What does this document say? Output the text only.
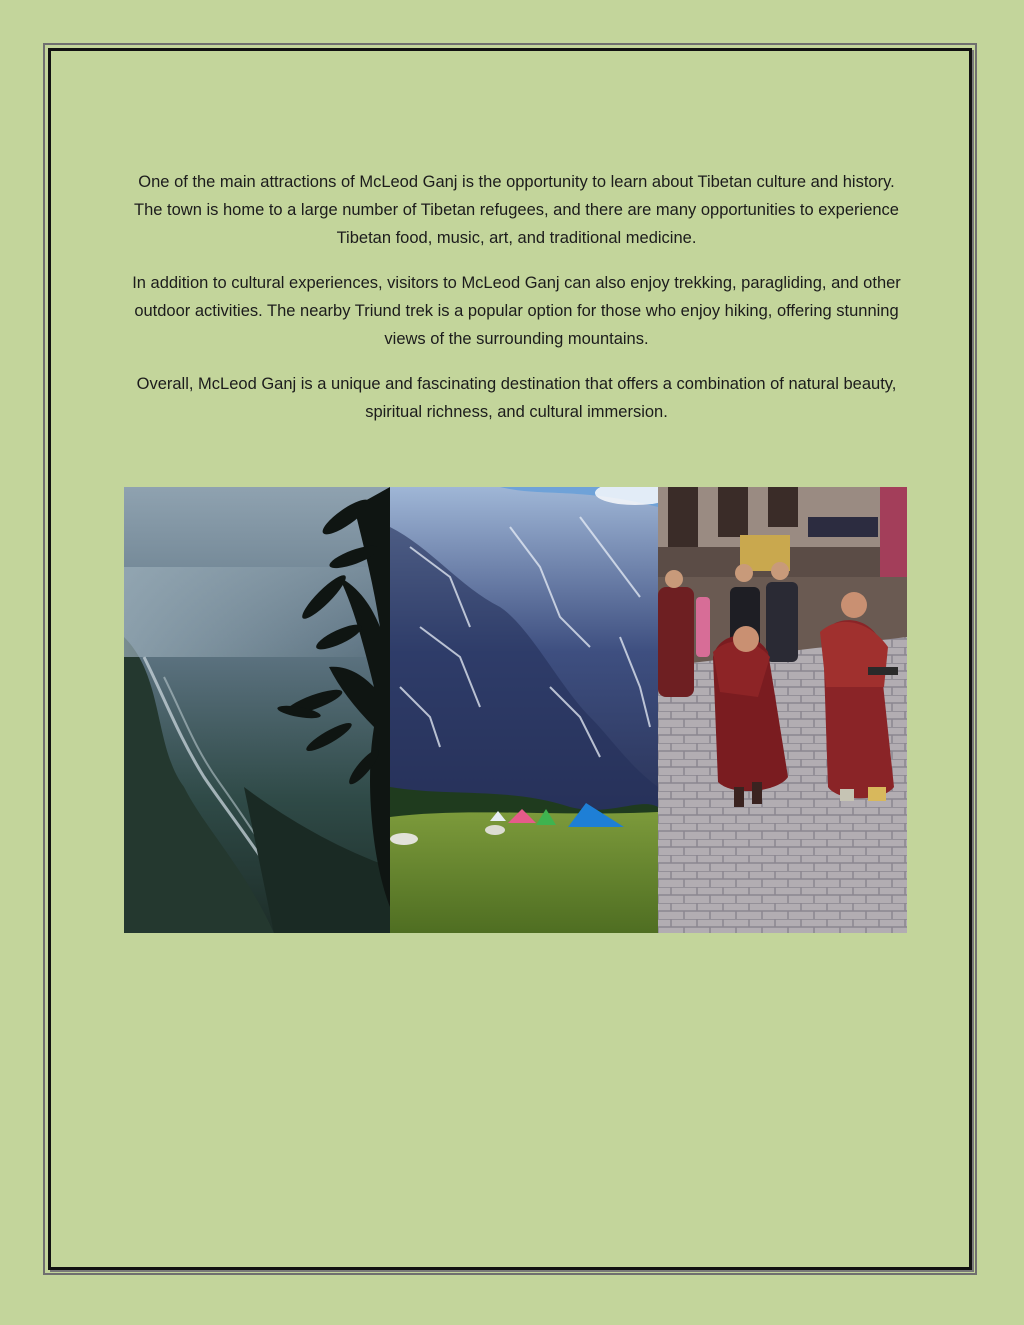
One of the main attractions of McLeod Ganj is the opportunity to learn about Tibetan culture and history. The town is home to a large number of Tibetan refugees, and there are many opportunities to experience Tibetan food, music, art, and traditional medicine.

In addition to cultural experiences, visitors to McLeod Ganj can also enjoy trekking, paragliding, and other outdoor activities. The nearby Triund trek is a popular option for those who enjoy hiking, offering stunning views of the surrounding mountains.

Overall, McLeod Ganj is a unique and fascinating destination that offers a combination of natural beauty, spiritual richness, and cultural immersion.
